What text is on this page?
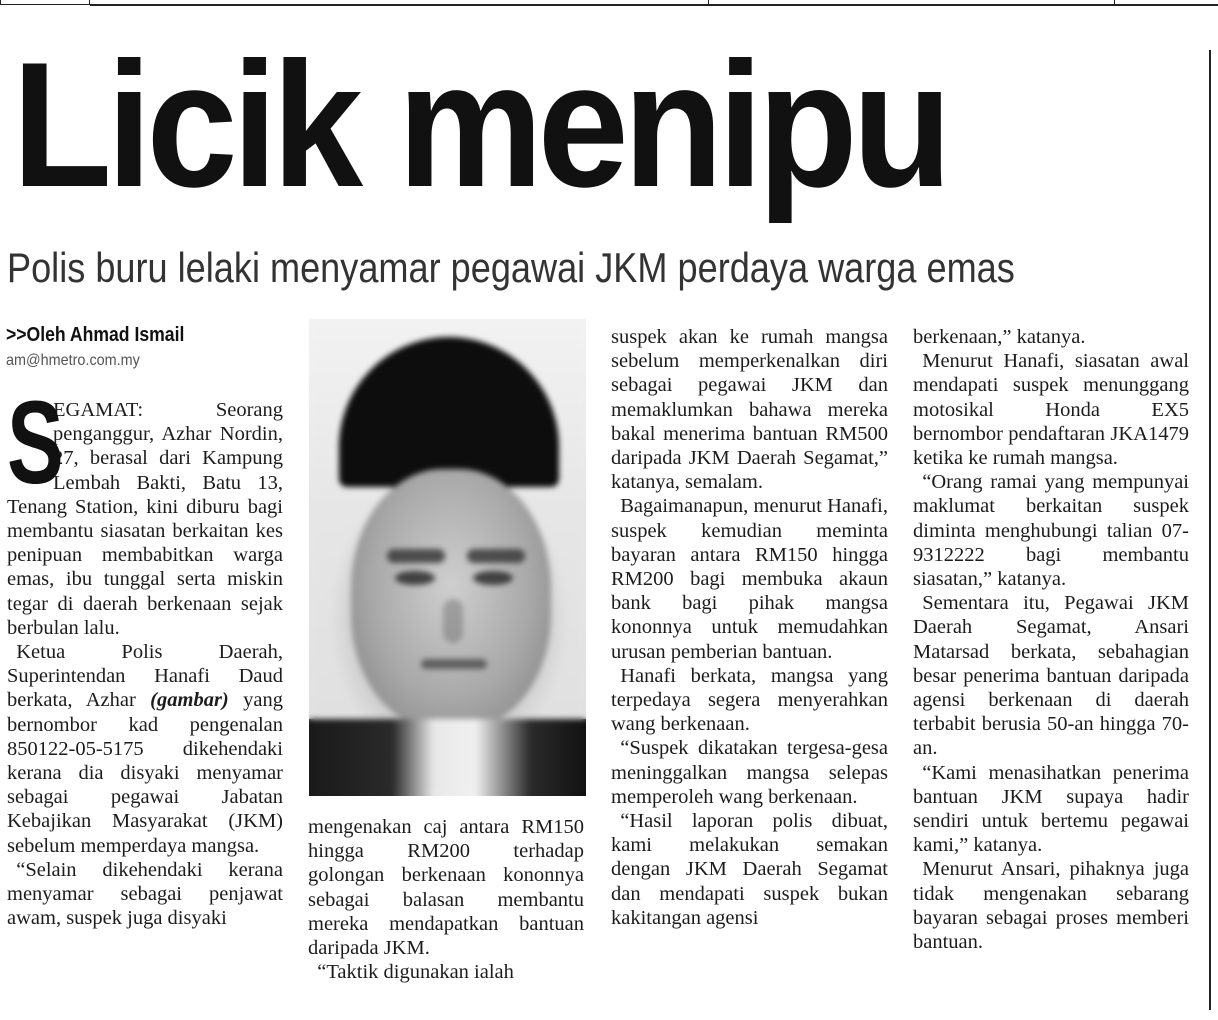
Licik menipu
Polis buru lelaki menyamar pegawai JKM perdaya warga emas
>>Oleh Ahmad Ismail
am@hmetro.com.my

S
EGAMAT: Seorang penganggur, Azhar Nordin, 27, berasal dari Kampung Lembah Bakti, Batu 13, Tenang Station, kini diburu bagi membantu siasatan berkaitan kes penipuan membabitkan warga emas, ibu tunggal serta miskin tegar di daerah berkenaan sejak berbulan lalu.

Ketua Polis Daerah, Superintendan Hanafi Daud berkata, Azhar (gambar) yang bernombor kad pengenalan 850122-05-5175 dikehendaki kerana dia disyaki menyamar sebagai pegawai Jabatan Kebajikan Masyarakat (JKM) sebelum memperdaya mangsa.

“Selain dikehendaki kerana menyamar sebagai penjawat awam, suspek juga disyaki

mengenakan caj antara RM150 hingga RM200 terhadap golongan berkenaan kononnya sebagai balasan membantu mereka mendapatkan bantuan daripada JKM.

“Taktik digunakan ialah

suspek akan ke rumah mangsa sebelum memperkenalkan diri sebagai pegawai JKM dan memaklumkan bahawa mereka bakal menerima bantuan RM500 daripada JKM Daerah Segamat,” katanya, semalam.

Bagaimanapun, menurut Hanafi, suspek kemudian meminta bayaran antara RM150 hingga RM200 bagi membuka akaun bank bagi pihak mangsa kononnya untuk memudahkan urusan pemberian bantuan.

Hanafi berkata, mangsa yang terpedaya segera menyerahkan wang berkenaan.

“Suspek dikatakan tergesa-gesa meninggalkan mangsa selepas memperoleh wang berkenaan.

“Hasil laporan polis dibuat, kami melakukan semakan dengan JKM Daerah Segamat dan mendapati suspek bukan kakitangan agensi

berkenaan,” katanya.

Menurut Hanafi, siasatan awal mendapati suspek menunggang motosikal Honda EX5 bernombor pendaftaran JKA1479 ketika ke rumah mangsa.

“Orang ramai yang mempunyai maklumat berkaitan suspek diminta menghubungi talian 07-9312222 bagi membantu siasatan,” katanya.

Sementara itu, Pegawai JKM Daerah Segamat, Ansari Matarsad berkata, sebahagian besar penerima bantuan daripada agensi berkenaan di daerah terbabit berusia 50-an hingga 70-an.

“Kami menasihatkan penerima bantuan JKM supaya hadir sendiri untuk bertemu pegawai kami,” katanya.

Menurut Ansari, pihaknya juga tidak mengenakan sebarang bayaran sebagai proses memberi bantuan.
